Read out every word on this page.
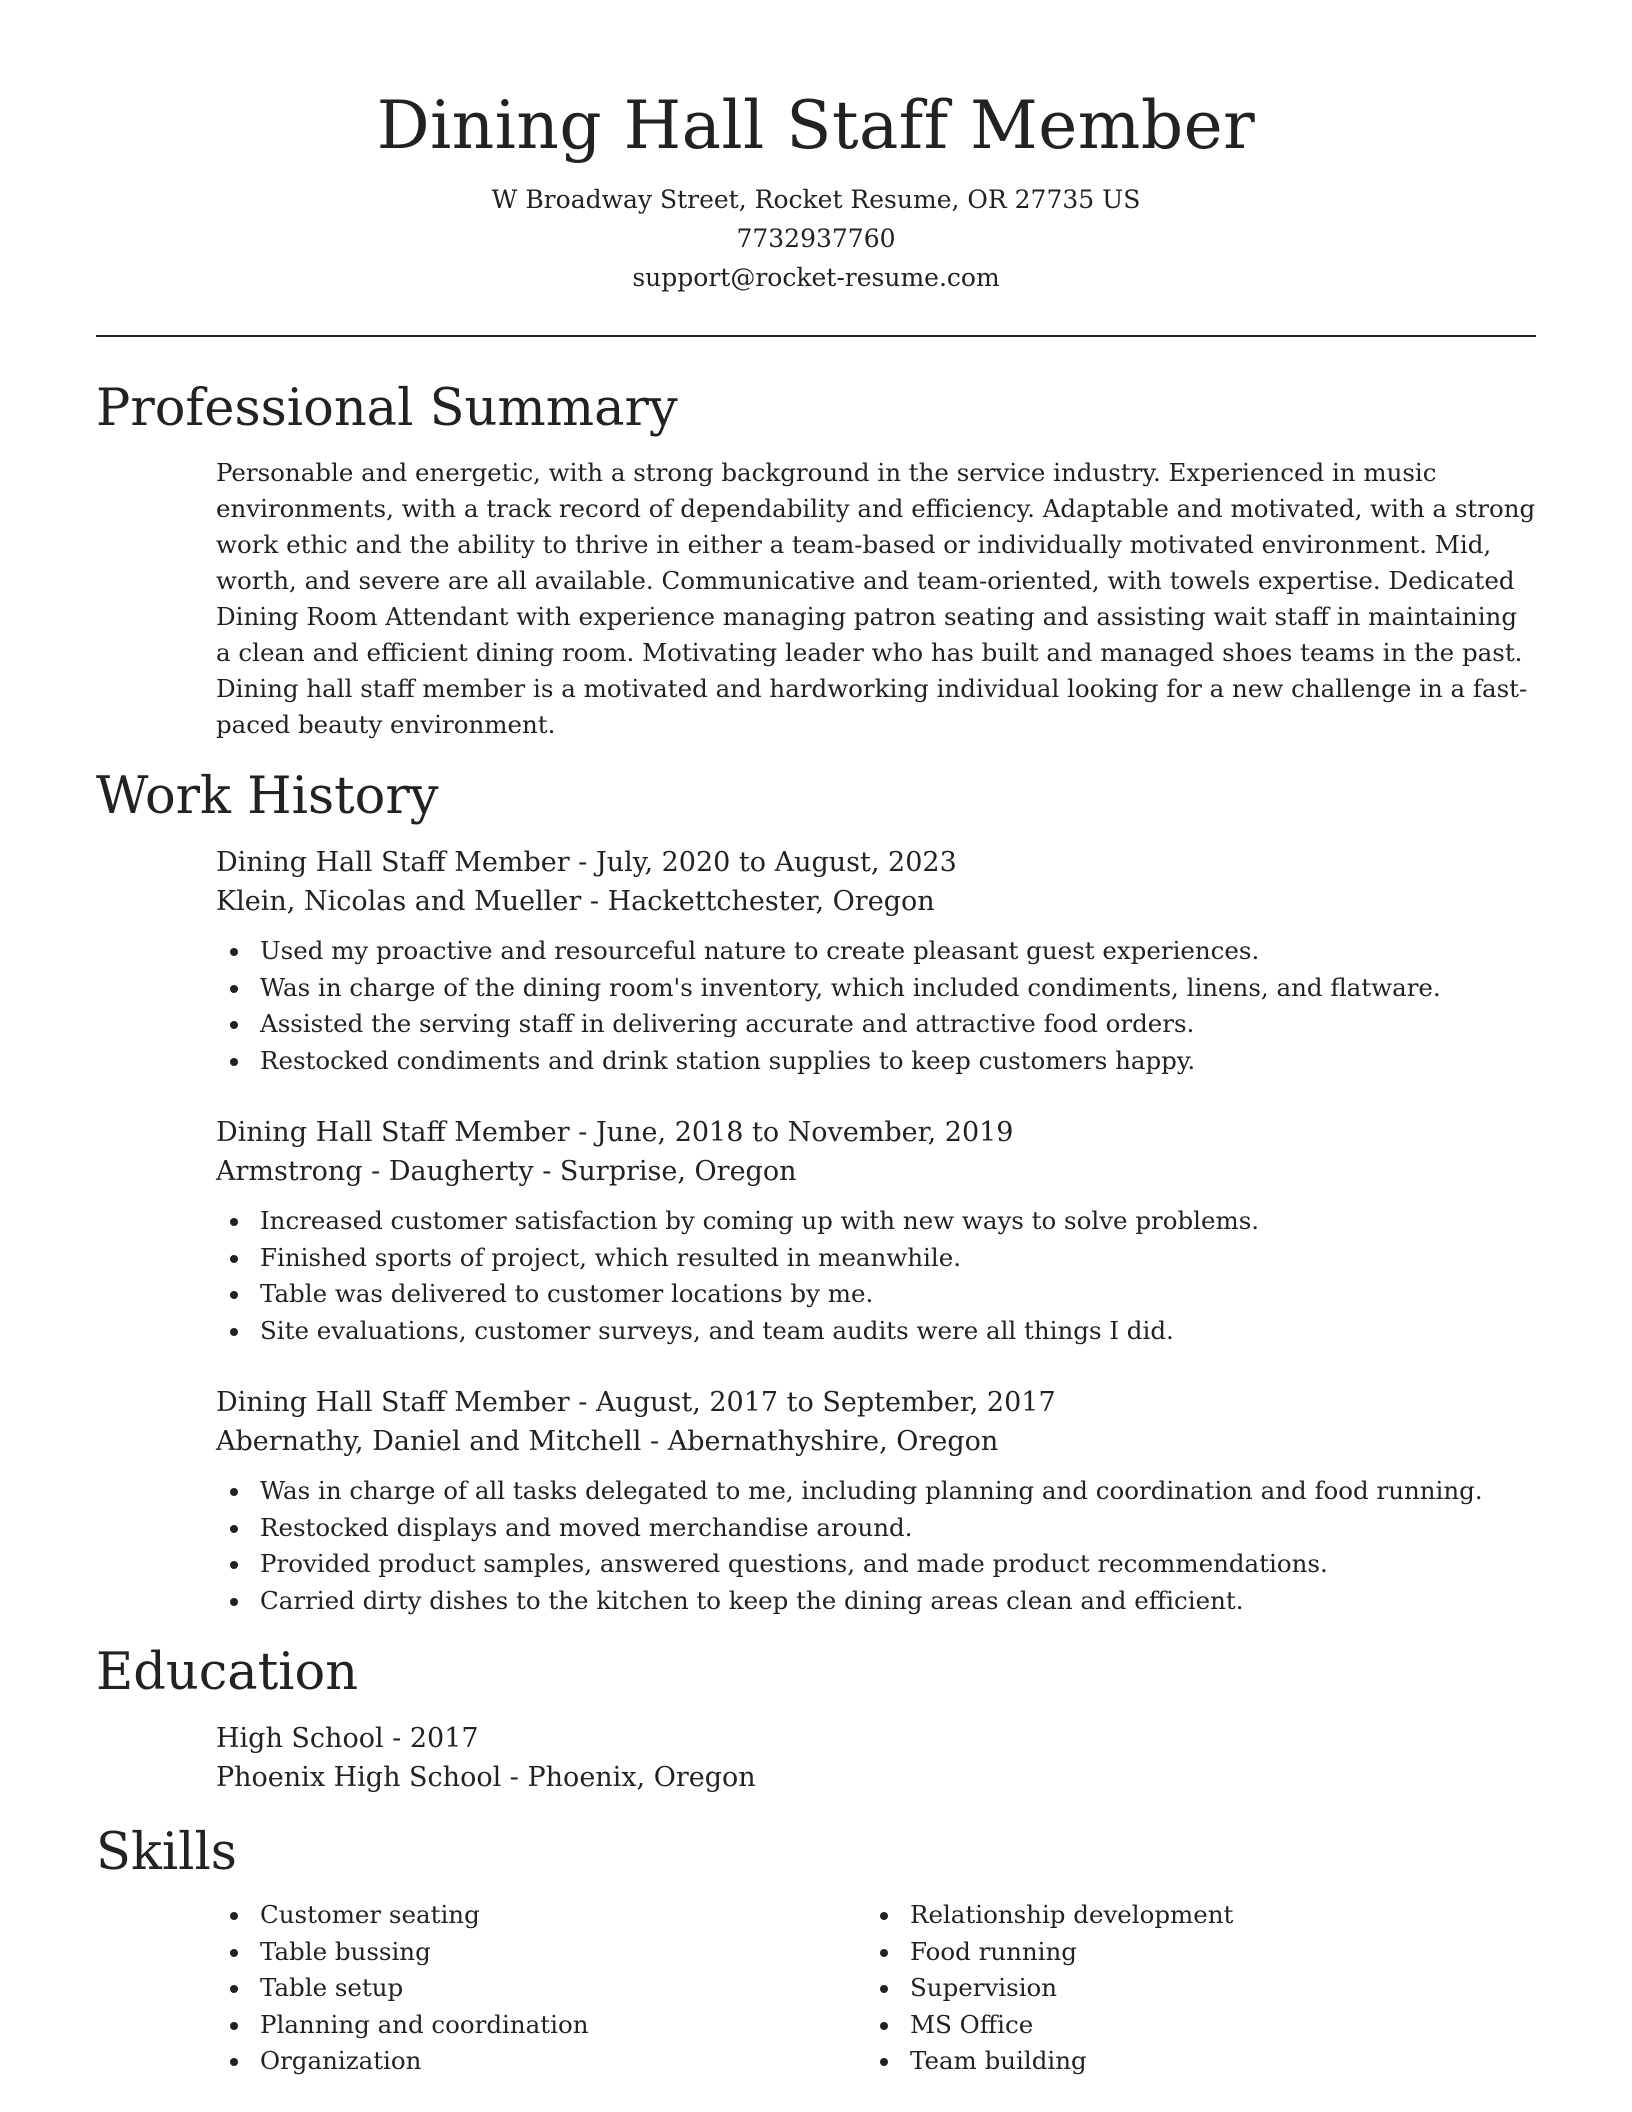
Dining Hall Staff Member
W Broadway Street, Rocket Resume, OR 27735 US
7732937760
support@rocket-resume.com
Professional Summary

Personable and energetic, with a strong background in the service industry. Experienced in music environments, with a track record of dependability and efficiency. Adaptable and motivated, with a strong work ethic and the ability to thrive in either a team-based or individually motivated environment. Mid, worth, and severe are all available. Communicative and team-oriented, with towels expertise. Dedicated Dining Room Attendant with experience managing patron seating and assisting wait staff in maintaining a clean and efficient dining room. Motivating leader who has built and managed shoes teams in the past. Dining hall staff member is a motivated and hardworking individual looking for a new challenge in a fast-paced beauty environment.

Work History
Dining Hall Staff Member - July, 2020 to August, 2023
Klein, Nicolas and Mueller - Hackettchester, Oregon
Used my proactive and resourceful nature to create pleasant guest experiences.
Was in charge of the dining room's inventory, which included condiments, linens, and flatware.
Assisted the serving staff in delivering accurate and attractive food orders.
Restocked condiments and drink station supplies to keep customers happy.
Dining Hall Staff Member - June, 2018 to November, 2019
Armstrong - Daugherty - Surprise, Oregon
Increased customer satisfaction by coming up with new ways to solve problems.
Finished sports of project, which resulted in meanwhile.
Table was delivered to customer locations by me.
Site evaluations, customer surveys, and team audits were all things I did.
Dining Hall Staff Member - August, 2017 to September, 2017
Abernathy, Daniel and Mitchell - Abernathyshire, Oregon
Was in charge of all tasks delegated to me, including planning and coordination and food running.
Restocked displays and moved merchandise around.
Provided product samples, answered questions, and made product recommendations.
Carried dirty dishes to the kitchen to keep the dining areas clean and efficient.
Education
High School - 2017
Phoenix High School - Phoenix, Oregon
Skills
Customer seating
Table bussing
Table setup
Planning and coordination
Organization
Relationship development
Food running
Supervision
MS Office
Team building
